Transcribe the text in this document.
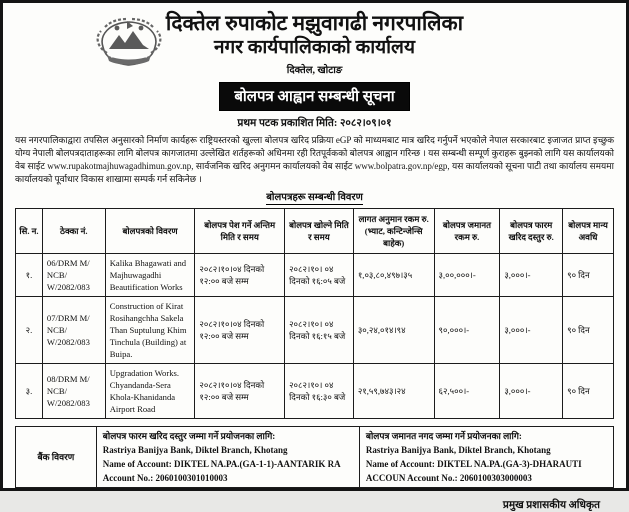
दिक्तेल रुपाकोट मझुवागढी नगरपालिका
नगर कार्यपालिकाको कार्यालय
दिक्तेल, खोटाङ
बोलपत्र आह्वान सम्बन्धी सूचना
प्रथम पटक प्रकाशित मिति: २०८२।०९।०१
यस नगरपालिकाद्वारा तपसिल अनुसारको निर्माण कार्यहरू राष्ट्रियस्तरको खुल्ला बोलपत्र खरिद प्रक्रिया eGP को माध्यमबाट मात्र खरिद गर्नुपर्ने भएकोले नेपाल सरकारबाट इजाजत प्राप्त इच्छुक योग्य नेपाली बोलपत्रदाताहरूका लागि बोलपत्र कागजातमा उल्लेखित शर्तहरूको अधिनमा रही रितपूर्वकको बोलपत्र आह्वान गरिन्छ । यस सम्बन्धी सम्पूर्ण कुराहरू बुझ्नको लागि यस कार्यालयको वेब साईट www.rupakotmajhuwagadhimun.gov.np, सार्वजनिक खरिद अनुगमन कार्यालयको वेब साईट www.bolpatra.gov.np/egp, यस कार्यालयको सूचना पाटी तथा कार्यालय समयमा कार्यालयको पूर्वाधार विकास शाखामा सम्पर्क गर्न सकिनेछ ।
बोलपत्रहरू सम्बन्धी विवरण
सि. न.	ठेक्का नं.	बोलपत्रको विवरण	बोलपत्र पेश गर्ने अन्तिम मिति र समय	बोलपत्र खोल्ने मिति र समय	लागत अनुमान रकम रु. (भ्याट, कन्टिन्जेन्सि बाहेक)	बोलपत्र जमानत रकम रु.	बोलपत्र फारम खरिद दस्तुर रु.	बोलपत्र मान्य अवधि
१.	06/DRM M/ NCB/ W/2082/083	Kalika Bhagawati and Majhuwagadhi Beautification Works	२०८२।१०।०४ दिनको १२:०० बजे सम्म	२०८२।१०। ०४ दिनको १६:०५ बजे	१,०३,८०,४९७।३५	३,००,०००।-	३,०००।-	९० दिन
२.	07/DRM M/ NCB/ W/2082/083	Construction of Kirat Rosihangchha Sakela Than Suptulung Khim Tinchula (Building) at Buipa.	२०८२।१०।०४ दिनको १२:०० बजे सम्म	२०८२।१०। ०४ दिनको १६:१५ बजे	३०,२४,०१४।९४	९०,०००।-	३,०००।-	९० दिन
३.	08/DRM M/ NCB/ W/2082/083	Upgradation Works. Chyandanda-Sera Khola-Khanidanda Airport Road	२०८२।१०।०४ दिनको १२:०० बजे सम्म	२०८२।१०। ०४ दिनको १६:३० बजे	२१,५९,७४३।२४	६२,५००।-	३,०००।-	९० दिन
बैंक विवरण	
बोलपत्र फारम खरिद दस्तुर जम्मा गर्ने प्रयोजनका लागि:
Rastriya Banijya Bank, Diktel Branch, Khotang
Name of Account: DIKTEL NA.PA.(GA-1-1)-AANTARIK RA
Account No.: 2060100301010003

बोलपत्र जमानत नगद जम्मा गर्ने प्रयोजनका लागि:
Rastriya Banijya Bank, Diktel Branch, Khotang
Name of Account: DIKTEL NA.PA.(GA-3)-DHARAUTI
ACCOUN Account No.: 2060100303000003
प्रमुख प्रशासकीय अधिकृत
